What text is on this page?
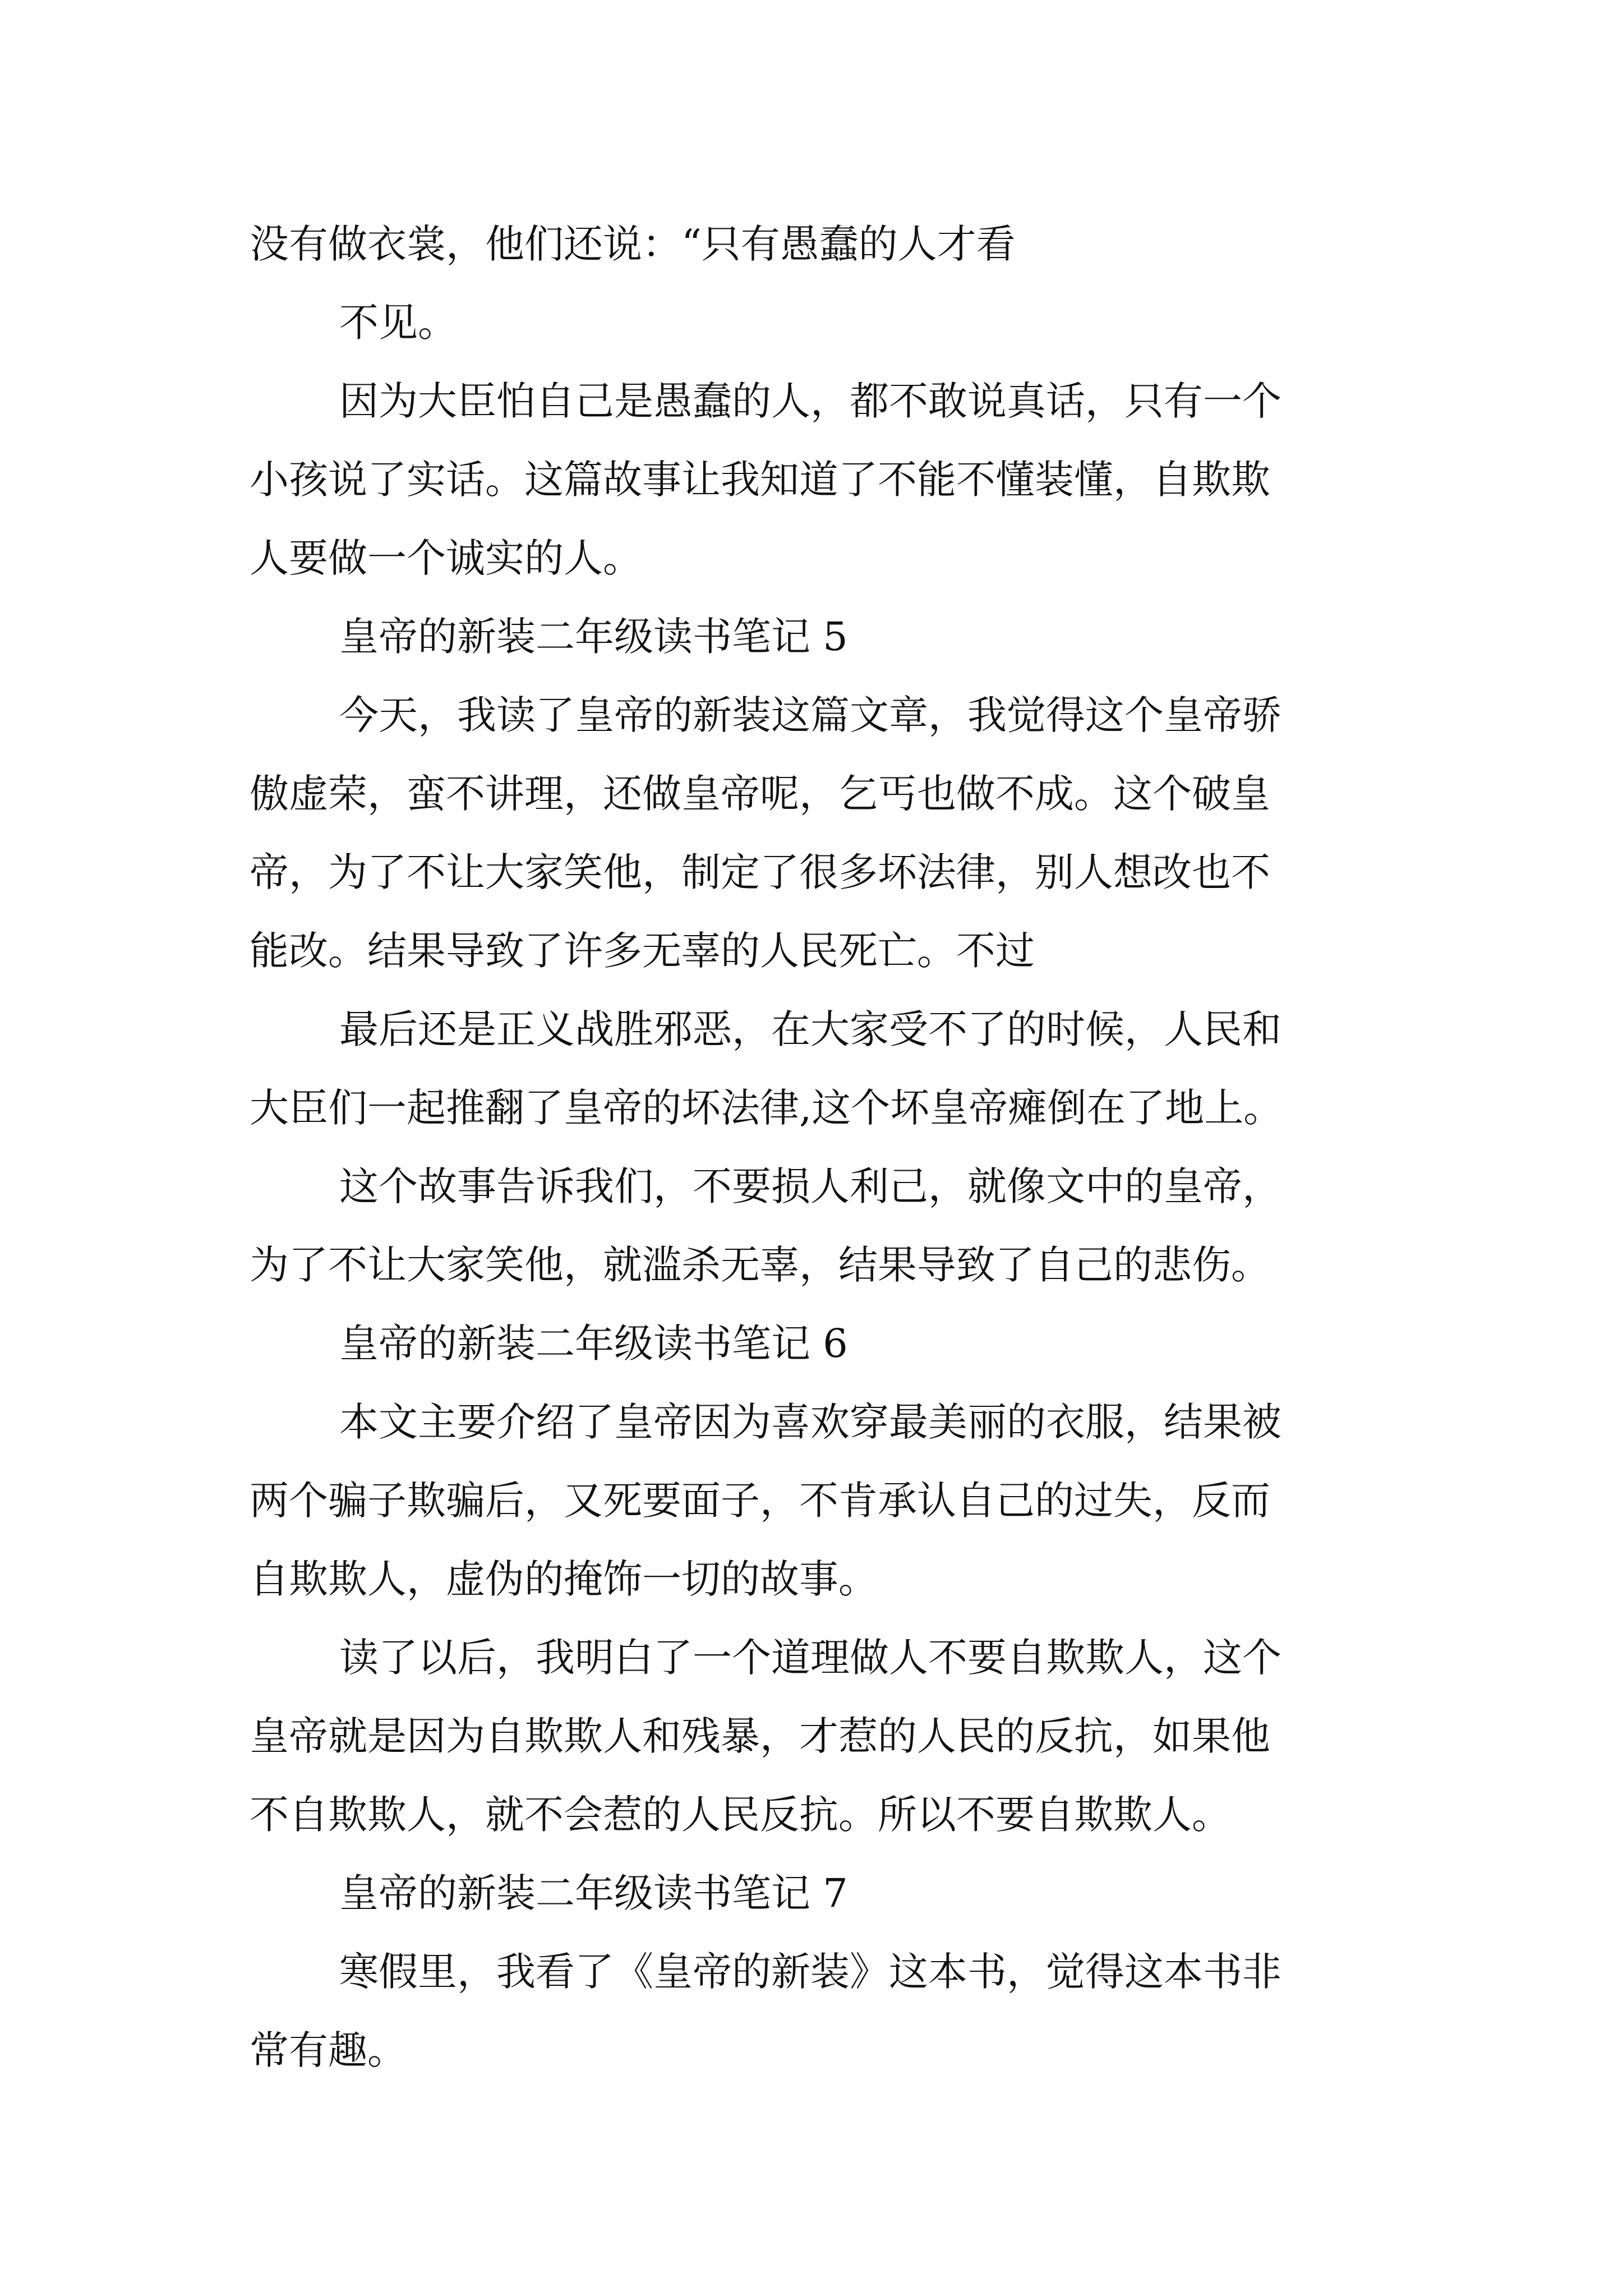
没有做衣裳，他们还说：“只有愚蠢的人才看
不见。
因为大臣怕自己是愚蠢的人，都不敢说真话，只有一个
小孩说了实话。这篇故事让我知道了不能不懂装懂，自欺欺
人要做一个诚实的人。
皇帝的新装二年级读书笔记 5
今天，我读了皇帝的新装这篇文章，我觉得这个皇帝骄
傲虚荣，蛮不讲理，还做皇帝呢，乞丐也做不成。这个破皇
帝，为了不让大家笑他，制定了很多坏法律，别人想改也不
能改。结果导致了许多无辜的人民死亡。不过
最后还是正义战胜邪恶，在大家受不了的时候，人民和
大臣们一起推翻了皇帝的坏法律,这个坏皇帝瘫倒在了地上。
这个故事告诉我们，不要损人利己，就像文中的皇帝，
为了不让大家笑他，就滥杀无辜，结果导致了自己的悲伤。
皇帝的新装二年级读书笔记 6
本文主要介绍了皇帝因为喜欢穿最美丽的衣服，结果被
两个骗子欺骗后，又死要面子，不肯承认自己的过失，反而
自欺欺人，虚伪的掩饰一切的故事。
读了以后，我明白了一个道理做人不要自欺欺人，这个
皇帝就是因为自欺欺人和残暴，才惹的人民的反抗，如果他
不自欺欺人，就不会惹的人民反抗。所以不要自欺欺人。
皇帝的新装二年级读书笔记 7
寒假里，我看了《皇帝的新装》这本书，觉得这本书非
常有趣。
